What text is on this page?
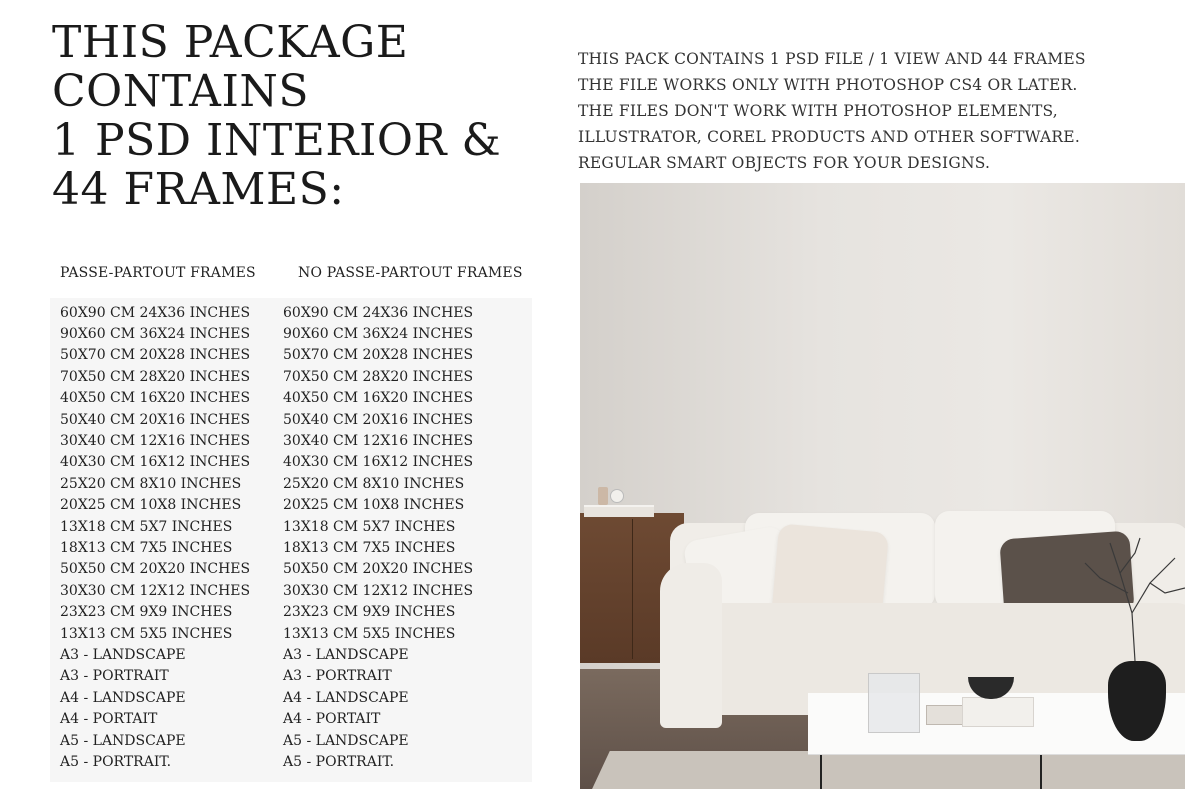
THIS PACKAGE
CONTAINS
1 PSD INTERIOR &
44 FRAMES:
THIS PACK CONTAINS 1 PSD FILE / 1 VIEW AND 44 FRAMES
THE FILE WORKS ONLY WITH PHOTOSHOP CS4 OR LATER.
THE FILES DON'T WORK WITH PHOTOSHOP ELEMENTS,
ILLUSTRATOR, COREL PRODUCTS AND OTHER SOFTWARE.
REGULAR SMART OBJECTS FOR YOUR DESIGNS.
PASSE-PARTOUT FRAMES	NO PASSE-PARTOUT FRAMES
60X90 CM 24X36 INCHES	60X90 CM 24X36 INCHES
90X60 CM 36X24 INCHES	90X60 CM 36X24 INCHES
50X70 CM 20X28 INCHES	50X70 CM 20X28 INCHES
70X50 CM 28X20 INCHES	70X50 CM 28X20 INCHES
40X50 CM 16X20 INCHES	40X50 CM 16X20 INCHES
50X40 CM 20X16 INCHES	50X40 CM 20X16 INCHES
30X40 CM 12X16 INCHES	30X40 CM 12X16 INCHES
40X30 CM 16X12 INCHES	40X30 CM 16X12 INCHES
25X20 CM 8X10 INCHES	25X20 CM 8X10 INCHES
20X25 CM 10X8 INCHES	20X25 CM 10X8 INCHES
13X18 CM 5X7 INCHES	13X18 CM 5X7 INCHES
18X13 CM 7X5 INCHES	18X13 CM 7X5 INCHES
50X50 CM 20X20 INCHES	50X50 CM 20X20 INCHES
30X30 CM 12X12 INCHES	30X30 CM 12X12 INCHES
23X23 CM 9X9 INCHES	23X23 CM 9X9 INCHES
13X13 CM 5X5 INCHES	13X13 CM 5X5 INCHES
A3 - LANDSCAPE	A3 - LANDSCAPE
A3 - PORTRAIT	A3 - PORTRAIT
A4 - LANDSCAPE	A4 - LANDSCAPE
A4 - PORTAIT	A4 - PORTAIT
A5 - LANDSCAPE	A5 - LANDSCAPE
A5 - PORTRAIT.	A5 - PORTRAIT.
